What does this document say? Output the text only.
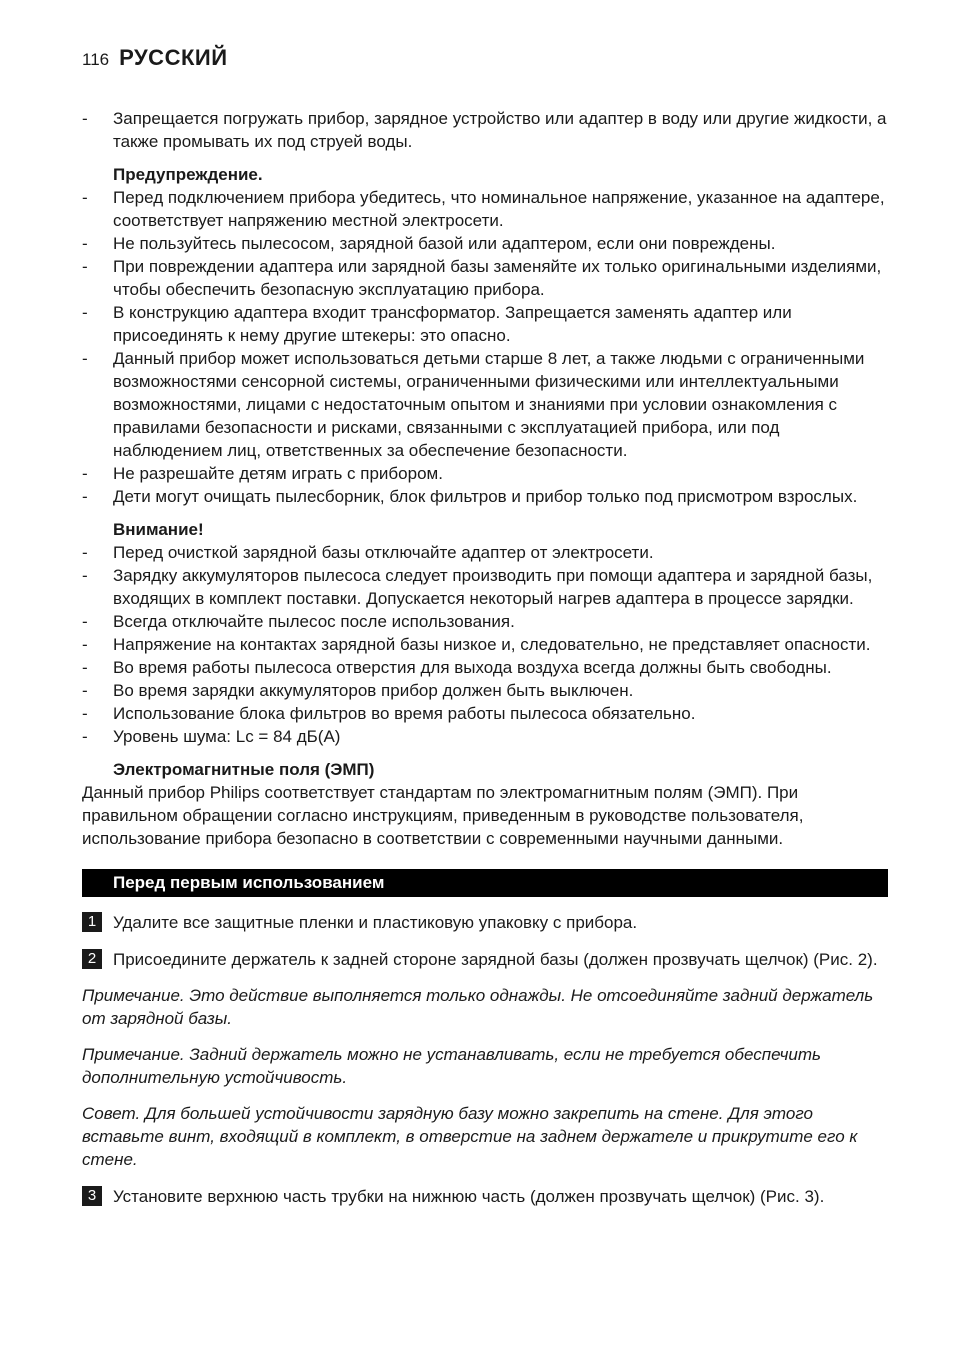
116 РУССКИЙ
- Запрещается погружать прибор, зарядное устройство или адаптер в воду или другие жидкости, а также промывать их под струей воды.
Предупреждение.
- Перед подключением прибора убедитесь, что номинальное напряжение, указанное на адаптере, соответствует напряжению местной электросети.
- Не пользуйтесь пылесосом, зарядной базой или адаптером, если они повреждены.
- При повреждении адаптера или зарядной базы заменяйте их только оригинальными изделиями, чтобы обеспечить безопасную эксплуатацию прибора.
- В конструкцию адаптера входит трансформатор. Запрещается заменять адаптер или присоединять к нему другие штекеры: это опасно.
- Данный прибор может использоваться детьми старше 8 лет, а также людьми с ограниченными возможностями сенсорной системы, ограниченными физическими или интеллектуальными возможностями, лицами с недостаточным опытом и знаниями при условии ознакомления с правилами безопасности и рисками, связанными с эксплуатацией прибора, или под наблюдением лиц, ответственных за обеспечение безопасности.
- Не разрешайте детям играть с прибором.
- Дети могут очищать пылесборник, блок фильтров и прибор только под присмотром взрослых.
Внимание!
- Перед очисткой зарядной базы отключайте адаптер от электросети.
- Зарядку аккумуляторов пылесоса следует производить при помощи адаптера и зарядной базы, входящих в комплект поставки. Допускается некоторый нагрев адаптера в процессе зарядки.
- Всегда отключайте пылесос после использования.
- Напряжение на контактах зарядной базы низкое и, следовательно, не представляет опасности.
- Во время работы пылесоса отверстия для выхода воздуха всегда должны быть свободны.
- Во время зарядки аккумуляторов прибор должен быть выключен.
- Использование блока фильтров во время работы пылесоса обязательно.
- Уровень шума: Lc = 84 дБ(A)
Электромагнитные поля (ЭМП)

Данный прибор Philips соответствует стандартам по электромагнитным полям (ЭМП). При правильном обращении согласно инструкциям, приведенным в руководстве пользователя, использование прибора безопасно в соответствии с современными научными данными.

Перед первым использованием
1 Удалите все защитные пленки и пластиковую упаковку с прибора.
2 Присоедините держатель к задней стороне зарядной базы (должен прозвучать щелчок) (Рис. 2).

Примечание. Это действие выполняется только однажды. Не отсоединяйте задний держатель от зарядной базы.

Примечание. Задний держатель можно не устанавливать, если не требуется обеспечить дополнительную устойчивость.

Совет. Для большей устойчивости зарядную базу можно закрепить на стене. Для этого вставьте винт, входящий в комплект, в отверстие на заднем держателе и прикрутите его к стене.

3 Установите верхнюю часть трубки на нижнюю часть (должен прозвучать щелчок) (Рис. 3).
